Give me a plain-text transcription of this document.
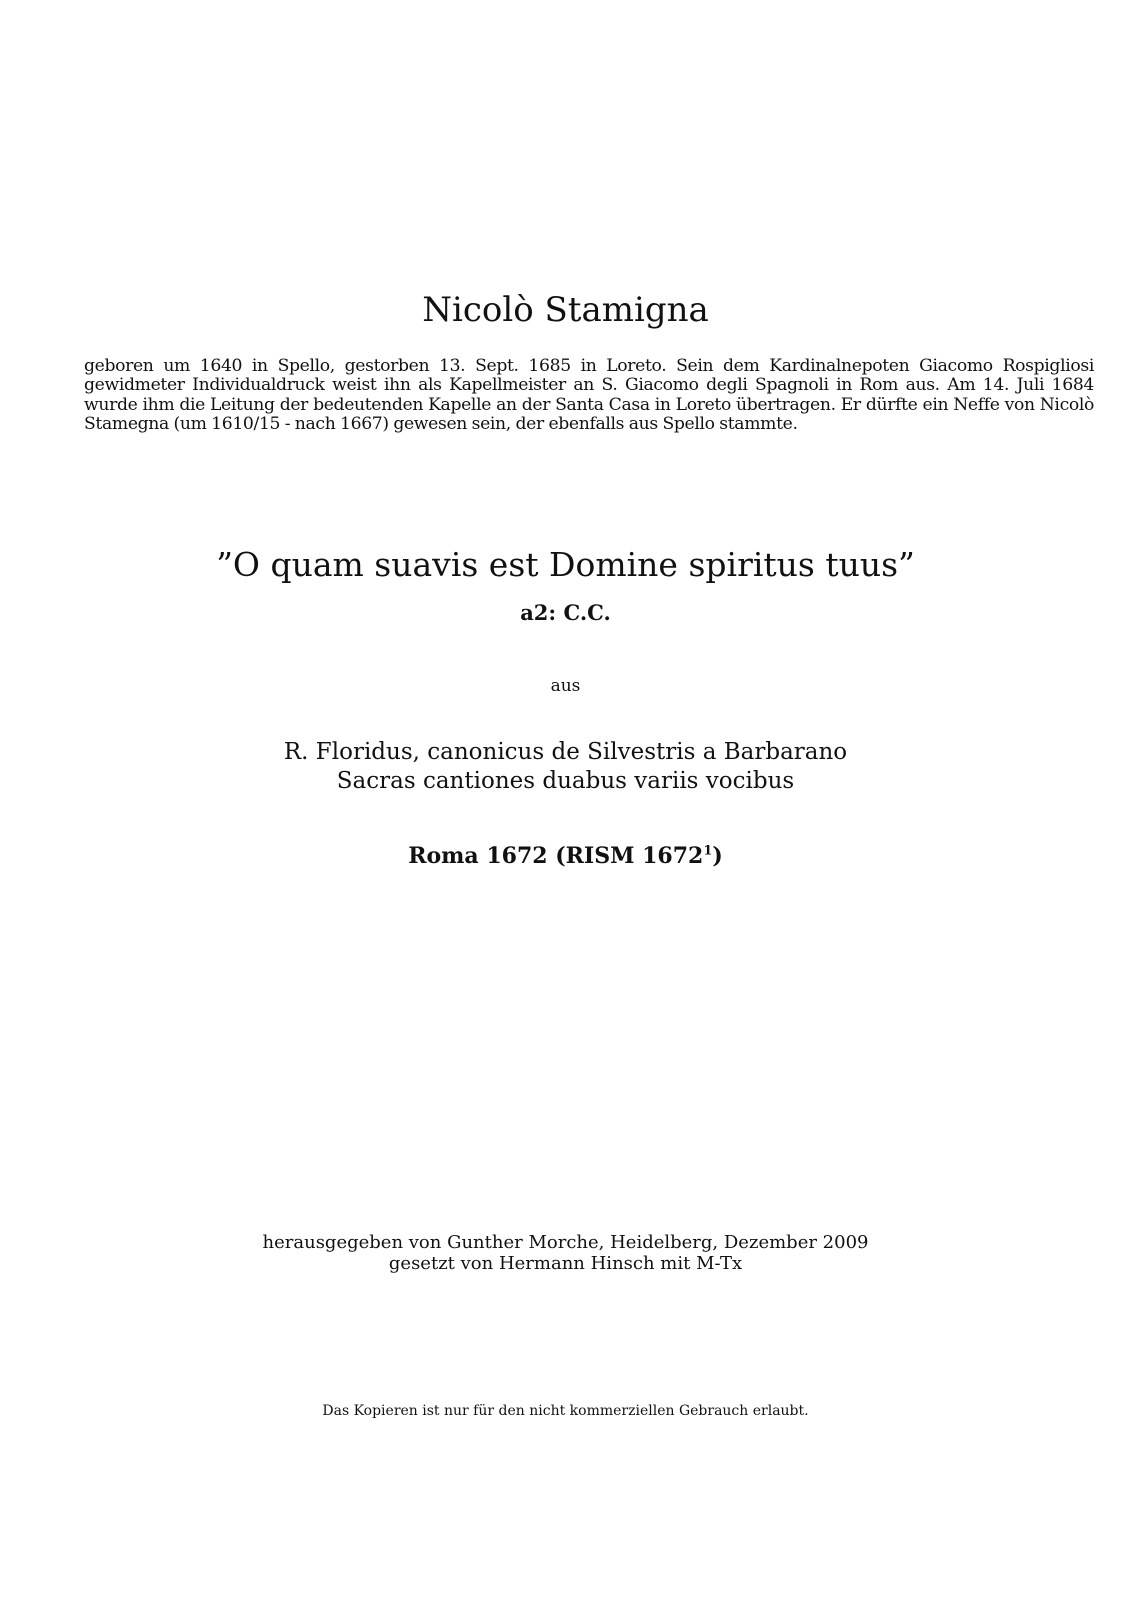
Nicolò Stamigna

geboren um 1640 in Spello, gestorben 13. Sept. 1685 in Loreto. Sein dem Kardinalnepoten Giacomo Rospigliosi gewidmeter Individualdruck weist ihn als Kapellmeister an S. Giacomo degli Spagnoli in Rom aus. Am 14. Juli 1684 wurde ihm die Leitung der bedeutenden Kapelle an der Santa Casa in Loreto übertragen. Er dürfte ein Neffe von Nicolò Stamegna (um 1610/15 - nach 1667) gewesen sein, der ebenfalls aus Spello stammte.

”O quam suavis est Domine spiritus tuus”
a2: C.C.
aus
R. Floridus, canonicus de Silvestris a Barbarano
Sacras cantiones duabus variis vocibus
Roma 1672 (RISM 1672$^1$)
herausgegeben von Gunther Morche, Heidelberg, Dezember 2009
gesetzt von Hermann Hinsch mit M-Tx
Das Kopieren ist nur für den nicht kommerziellen Gebrauch erlaubt.
